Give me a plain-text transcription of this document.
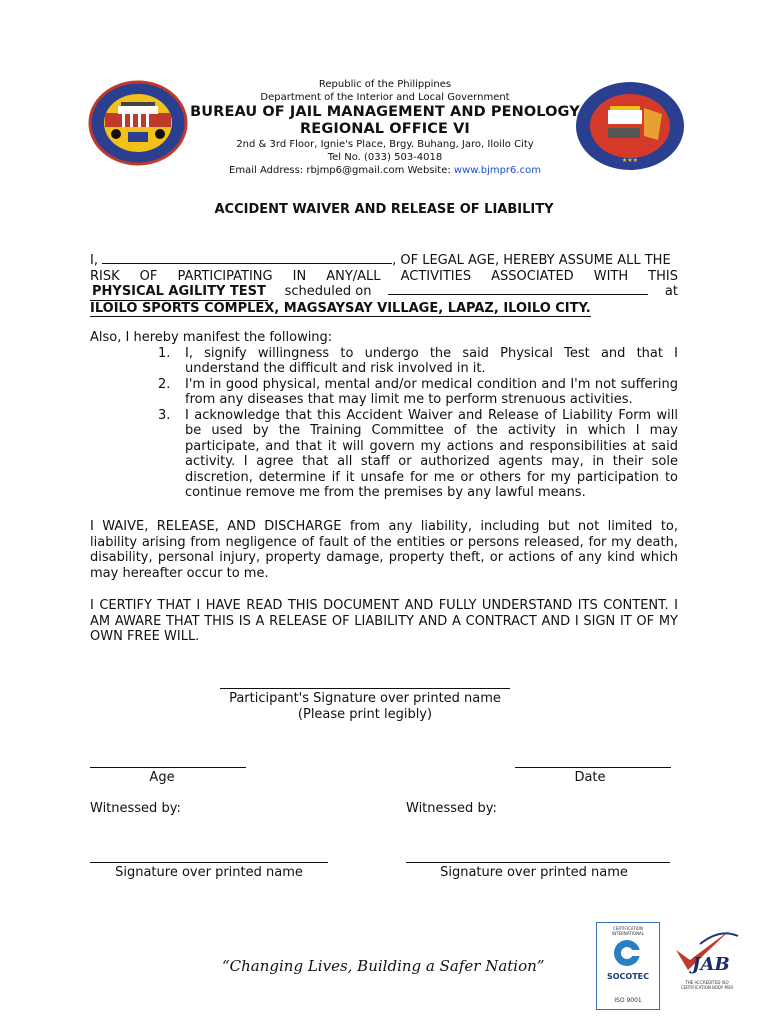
★★★
Republic of the Philippines
Department of the Interior and Local Government
BUREAU OF JAIL MANAGEMENT AND PENOLOGY
REGIONAL OFFICE VI
2nd & 3rd Floor, Ignie's Place, Brgy. Buhang, Jaro, Iloilo City
Tel No. (033) 503-4018
Email Address: rbjmp6@gmail.com Website: www.bjmpr6.com
ACCIDENT WAIVER AND RELEASE OF LIABILITY
I,	, OF LEGAL AGE, HEREBY ASSUME ALL THE
RISK OF PARTICIPATING IN ANY/ALL ACTIVITIES ASSOCIATED WITH THIS
PHYSICAL AGILITY TEST scheduled on	at
ILOILO SPORTS COMPLEX, MAGSAYSAY VILLAGE, LAPAZ, ILOILO CITY.
Also, I hereby manifest the following:
1. I, signify willingness to undergo the said Physical Test and that I understand the difficult and risk involved in it.
2. I'm in good physical, mental and/or medical condition and I'm not suffering from any diseases that may limit me to perform strenuous activities.
3. I acknowledge that this Accident Waiver and Release of Liability Form will be used by the Training Committee of the activity in which I may participate, and that it will govern my actions and responsibilities at said activity. I agree that all staff or authorized agents may, in their sole discretion, determine if it unsafe for me or others for my participation to continue remove me from the premises by any lawful means.
I WAIVE, RELEASE, AND DISCHARGE from any liability, including but not limited to, liability arising from negligence of fault of the entities or persons released, for my death, disability, personal injury, property damage, property theft, or actions of any kind which may hereafter occur to me.
I CERTIFY THAT I HAVE READ THIS DOCUMENT AND FULLY UNDERSTAND ITS CONTENT. I AM AWARE THAT THIS IS A RELEASE OF LIABILITY AND A CONTRACT AND I SIGN IT OF MY OWN FREE WILL.
Participant's Signature over printed name
(Please print legibly)
Age	Date
Witnessed by:	Witnessed by:
Signature over printed name	Signature over printed name
“Changing Lives, Building a Safer Nation”
CERTIFICATION INTERNATIONAL
SOCOTEC
ISO 9001
JAB
THE ACCREDITED ISO CERTIFICATION BODY MS0
